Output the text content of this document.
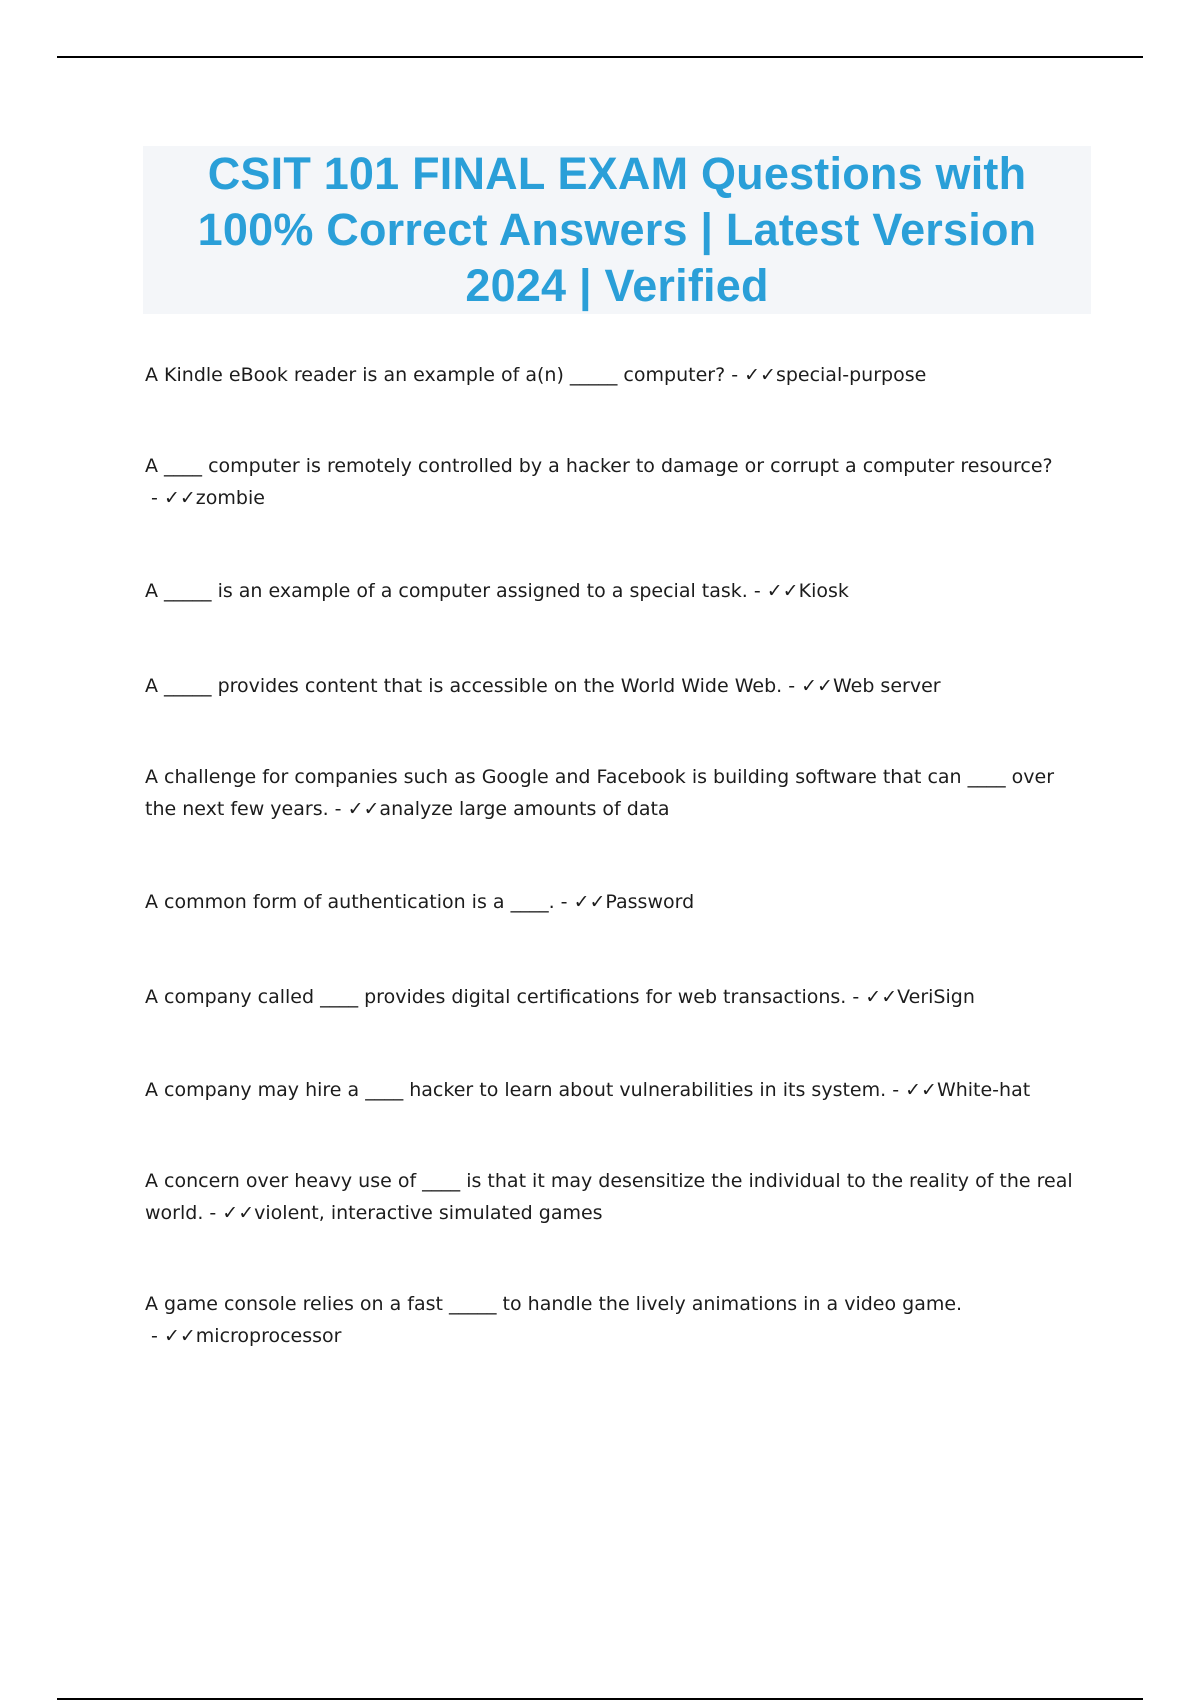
CSIT 101 FINAL EXAM Questions with 100% Correct Answers | Latest Version 2024 | Verified
A Kindle eBook reader is an example of a(n) _____ computer? - ✓✓special-purpose
A ____ computer is remotely controlled by a hacker to damage or corrupt a computer resource? - ✓✓zombie
A _____ is an example of a computer assigned to a special task. - ✓✓Kiosk
A _____ provides content that is accessible on the World Wide Web. - ✓✓Web server
A challenge for companies such as Google and Facebook is building software that can ____ over the next few years. - ✓✓analyze large amounts of data
A common form of authentication is a ____. - ✓✓Password
A company called ____ provides digital certifications for web transactions. - ✓✓VeriSign
A company may hire a ____ hacker to learn about vulnerabilities in its system. - ✓✓White-hat
A concern over heavy use of ____ is that it may desensitize the individual to the reality of the real world. - ✓✓violent, interactive simulated games
A game console relies on a fast _____ to handle the lively animations in a video game. - ✓✓microprocessor
